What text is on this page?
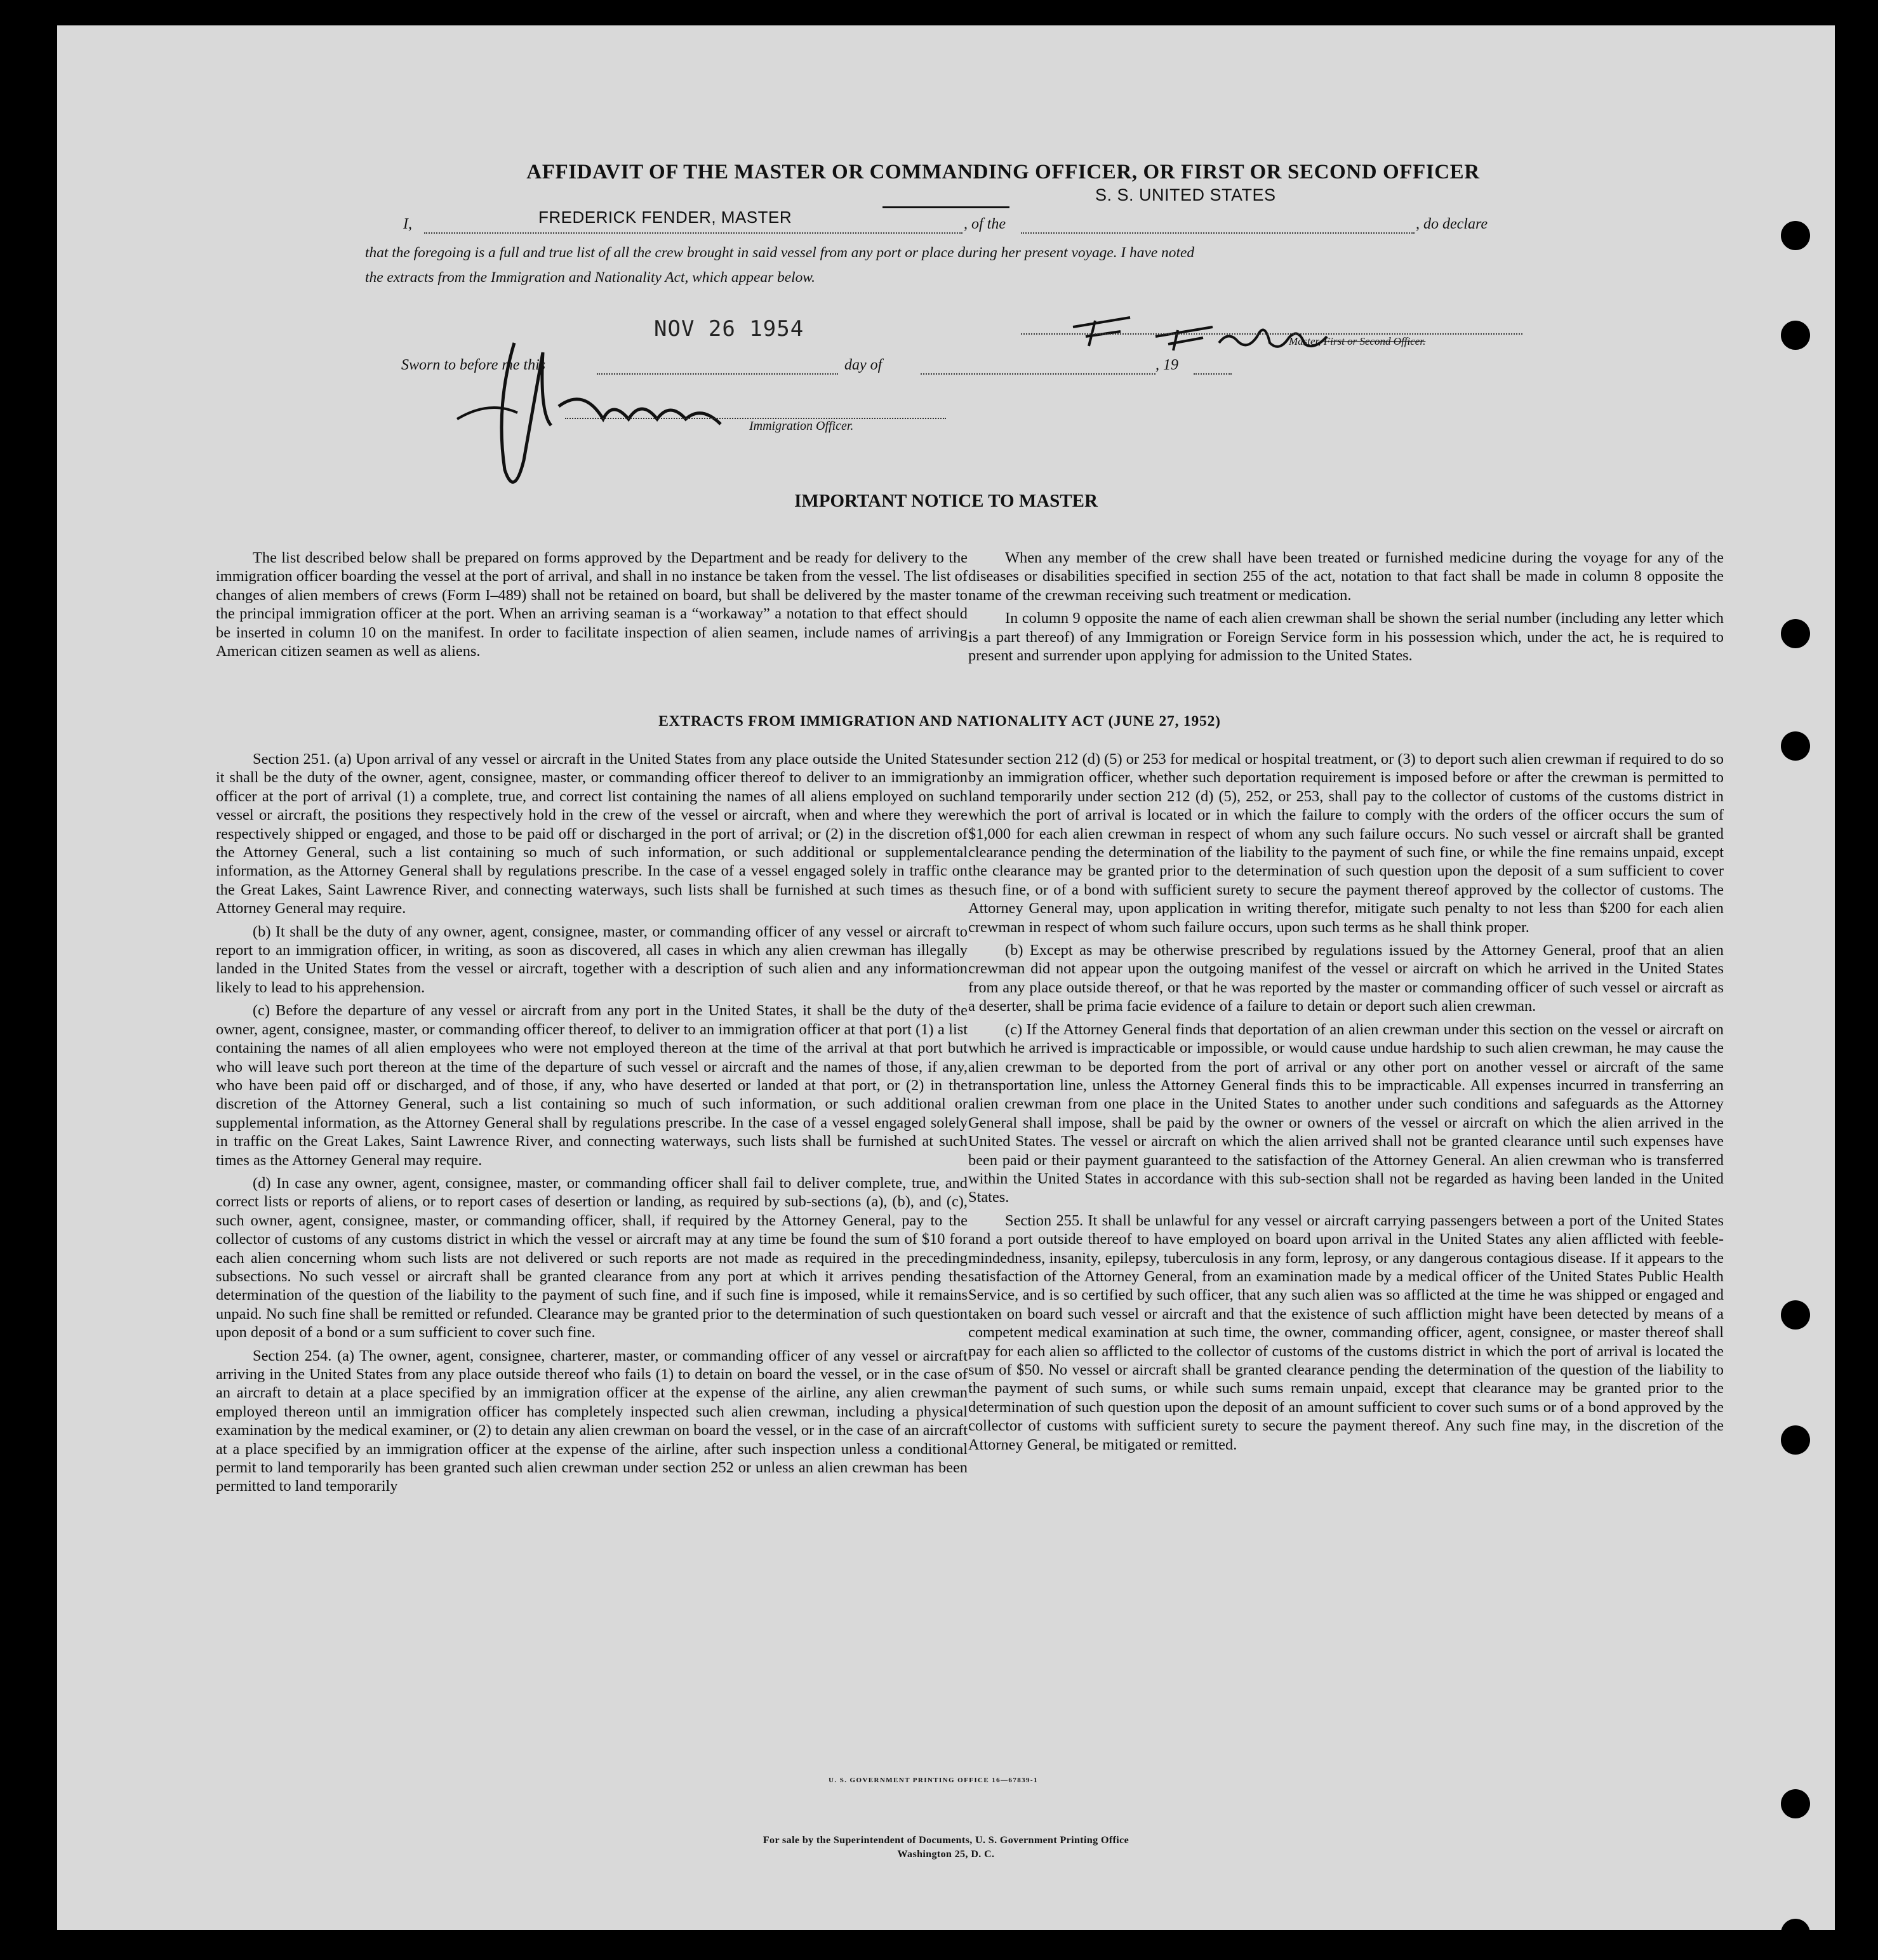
AFFIDAVIT OF THE MASTER OR COMMANDING OFFICER, OR FIRST OR SECOND OFFICER
I,	FREDERICK FENDER, MASTER	, of the
S. S. UNITED STATES
, do declare
that the foregoing is a full and true list of all the crew brought in said vessel from any port or place during her present voyage. I have noted
the extracts from the Immigration and Nationality Act, which appear below.
NOV 26 1954	Master, First or Second Officer.
Sworn to before me this	day of	, 19
Immigration Officer.
IMPORTANT NOTICE TO MASTER

The list described below shall be prepared on forms approved by the Department and be ready for delivery to the immigration officer boarding the vessel at the port of arrival, and shall in no instance be taken from the vessel. The list of changes of alien members of crews (Form I–489) shall not be retained on board, but shall be delivered by the master to the principal immigration officer at the port. When an arriving seaman is a “workaway” a notation to that effect should be inserted in column 10 on the manifest. In order to facilitate inspection of alien seamen, include names of arriving American citizen seamen as well as aliens.

When any member of the crew shall have been treated or furnished medicine during the voyage for any of the diseases or disabilities specified in section 255 of the act, notation to that fact shall be made in column 8 opposite the name of the crewman receiving such treatment or medication.

In column 9 opposite the name of each alien crewman shall be shown the serial number (including any letter which is a part thereof) of any Immigration or Foreign Service form in his possession which, under the act, he is required to present and surrender upon applying for admission to the United States.

EXTRACTS FROM IMMIGRATION AND NATIONALITY ACT (JUNE 27, 1952)

Section 251. (a) Upon arrival of any vessel or aircraft in the United States from any place outside the United States it shall be the duty of the owner, agent, consignee, master, or commanding officer thereof to deliver to an immigration officer at the port of arrival (1) a complete, true, and correct list containing the names of all aliens employed on such vessel or aircraft, the positions they respectively hold in the crew of the vessel or aircraft, when and where they were respectively shipped or engaged, and those to be paid off or discharged in the port of arrival; or (2) in the discretion of the Attorney General, such a list containing so much of such information, or such additional or supplemental information, as the Attorney General shall by regulations prescribe. In the case of a vessel engaged solely in traffic on the Great Lakes, Saint Lawrence River, and connecting waterways, such lists shall be furnished at such times as the Attorney General may require.

(b) It shall be the duty of any owner, agent, consignee, master, or commanding officer of any vessel or aircraft to report to an immigration officer, in writing, as soon as discovered, all cases in which any alien crewman has illegally landed in the United States from the vessel or aircraft, together with a description of such alien and any information likely to lead to his apprehension.

(c) Before the departure of any vessel or aircraft from any port in the United States, it shall be the duty of the owner, agent, consignee, master, or commanding officer thereof, to deliver to an immigration officer at that port (1) a list containing the names of all alien employees who were not employed thereon at the time of the arrival at that port but who will leave such port thereon at the time of the departure of such vessel or aircraft and the names of those, if any, who have been paid off or discharged, and of those, if any, who have deserted or landed at that port, or (2) in the discretion of the Attorney General, such a list containing so much of such information, or such additional or supplemental information, as the Attorney General shall by regulations prescribe. In the case of a vessel engaged solely in traffic on the Great Lakes, Saint Lawrence River, and connecting waterways, such lists shall be furnished at such times as the Attorney General may require.

(d) In case any owner, agent, consignee, master, or commanding officer shall fail to deliver complete, true, and correct lists or reports of aliens, or to report cases of desertion or landing, as required by sub-sections (a), (b), and (c), such owner, agent, consignee, master, or commanding officer, shall, if required by the Attorney General, pay to the collector of customs of any customs district in which the vessel or aircraft may at any time be found the sum of $10 for each alien concerning whom such lists are not delivered or such reports are not made as required in the preceding subsections. No such vessel or aircraft shall be granted clearance from any port at which it arrives pending the determination of the question of the liability to the payment of such fine, and if such fine is imposed, while it remains unpaid. No such fine shall be remitted or refunded. Clearance may be granted prior to the determination of such question upon deposit of a bond or a sum sufficient to cover such fine.

Section 254. (a) The owner, agent, consignee, charterer, master, or commanding officer of any vessel or aircraft arriving in the United States from any place outside thereof who fails (1) to detain on board the vessel, or in the case of an aircraft to detain at a place specified by an immigration officer at the expense of the airline, any alien crewman employed thereon until an immigration officer has completely inspected such alien crewman, including a physical examination by the medical examiner, or (2) to detain any alien crewman on board the vessel, or in the case of an aircraft at a place specified by an immigration officer at the expense of the airline, after such inspection unless a conditional permit to land temporarily has been granted such alien crewman under section 252 or unless an alien crewman has been permitted to land temporarily

under section 212 (d) (5) or 253 for medical or hospital treatment, or (3) to deport such alien crewman if required to do so by an immigration officer, whether such deportation requirement is imposed before or after the crewman is permitted to land temporarily under section 212 (d) (5), 252, or 253, shall pay to the collector of customs of the customs district in which the port of arrival is located or in which the failure to comply with the orders of the officer occurs the sum of $1,000 for each alien crewman in respect of whom any such failure occurs. No such vessel or aircraft shall be granted clearance pending the determination of the liability to the payment of such fine, or while the fine remains unpaid, except the clearance may be granted prior to the determination of such question upon the deposit of a sum sufficient to cover such fine, or of a bond with sufficient surety to secure the payment thereof approved by the collector of customs. The Attorney General may, upon application in writing therefor, mitigate such penalty to not less than $200 for each alien crewman in respect of whom such failure occurs, upon such terms as he shall think proper.

(b) Except as may be otherwise prescribed by regulations issued by the Attorney General, proof that an alien crewman did not appear upon the outgoing manifest of the vessel or aircraft on which he arrived in the United States from any place outside thereof, or that he was reported by the master or commanding officer of such vessel or aircraft as a deserter, shall be prima facie evidence of a failure to detain or deport such alien crewman.

(c) If the Attorney General finds that deportation of an alien crewman under this section on the vessel or aircraft on which he arrived is impracticable or impossible, or would cause undue hardship to such alien crewman, he may cause the alien crewman to be deported from the port of arrival or any other port on another vessel or aircraft of the same transportation line, unless the Attorney General finds this to be impracticable. All expenses incurred in transferring an alien crewman from one place in the United States to another under such conditions and safeguards as the Attorney General shall impose, shall be paid by the owner or owners of the vessel or aircraft on which the alien arrived in the United States. The vessel or aircraft on which the alien arrived shall not be granted clearance until such expenses have been paid or their payment guaranteed to the satisfaction of the Attorney General. An alien crewman who is transferred within the United States in accordance with this sub-section shall not be regarded as having been landed in the United States.

Section 255. It shall be unlawful for any vessel or aircraft carrying passengers between a port of the United States and a port outside thereof to have employed on board upon arrival in the United States any alien afflicted with feeble-mindedness, insanity, epilepsy, tuberculosis in any form, leprosy, or any dangerous contagious disease. If it appears to the satisfaction of the Attorney General, from an examination made by a medical officer of the United States Public Health Service, and is so certified by such officer, that any such alien was so afflicted at the time he was shipped or engaged and taken on board such vessel or aircraft and that the existence of such affliction might have been detected by means of a competent medical examination at such time, the owner, commanding officer, agent, consignee, or master thereof shall pay for each alien so afflicted to the collector of customs of the customs district in which the port of arrival is located the sum of $50. No vessel or aircraft shall be granted clearance pending the determination of the question of the liability to the payment of such sums, or while such sums remain unpaid, except that clearance may be granted prior to the determination of such question upon the deposit of an amount sufficient to cover such sums or of a bond approved by the collector of customs with sufficient surety to secure the payment thereof. Any such fine may, in the discretion of the Attorney General, be mitigated or remitted.

U. S. GOVERNMENT PRINTING OFFICE 16—67839-1
For sale by the Superintendent of Documents, U. S. Government Printing Office
Washington 25, D. C.
